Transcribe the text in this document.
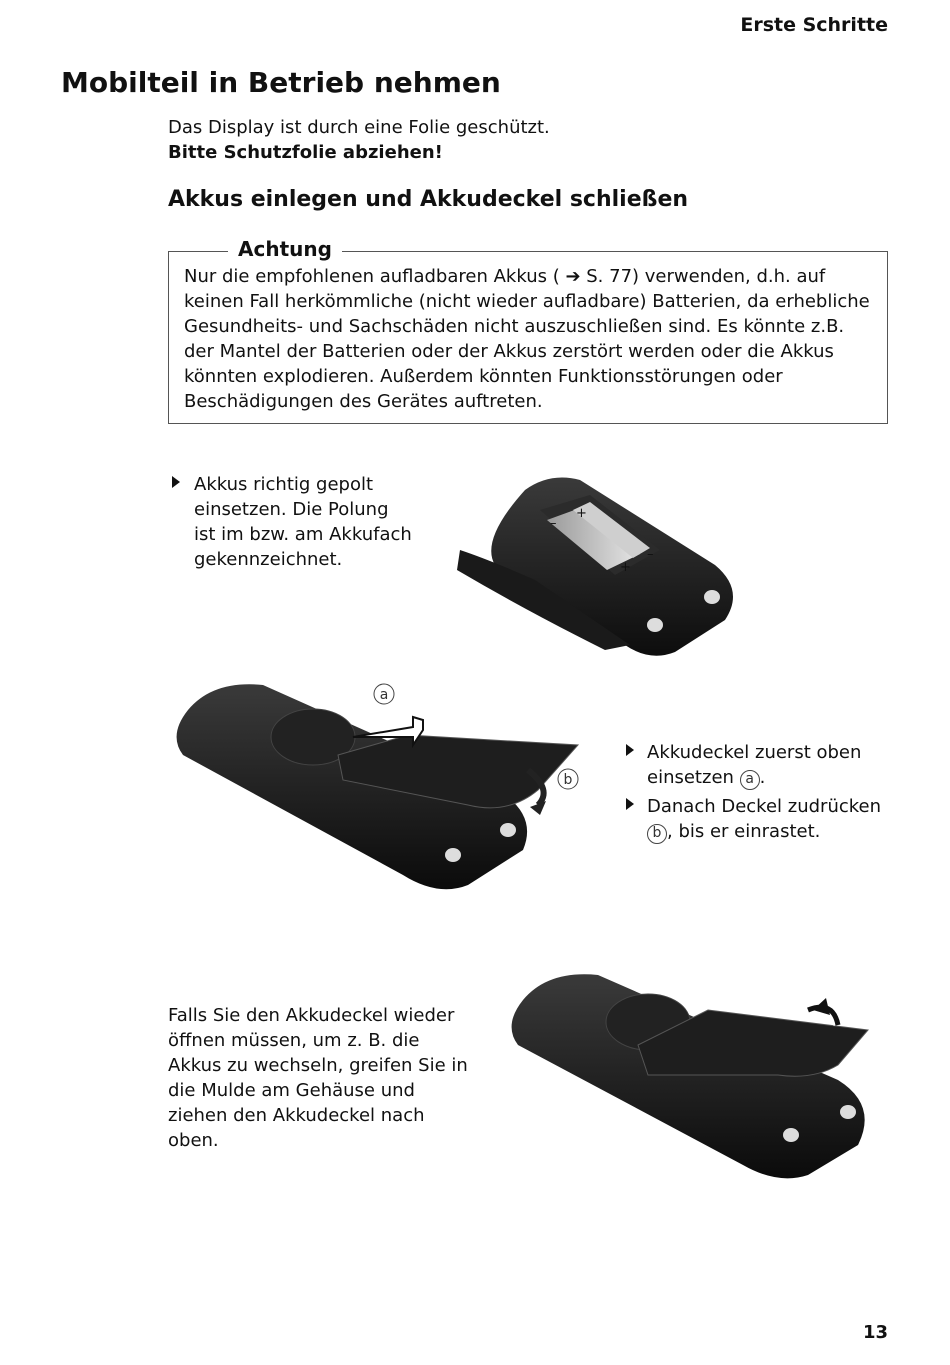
Erste Schritte
Mobilteil in Betrieb nehmen
Das Display ist durch eine Folie geschützt.
Bitte Schutzfolie abziehen!
Akkus einlegen und Akkudeckel schließen
Achtung
Nur die empfohlenen aufladbaren Akkus ( ➔ S. 77) verwenden, d.h. auf keinen Fall herkömmliche (nicht wieder aufladbare) Batterien, da erhebliche Gesundheits- und Sachschäden nicht auszuschließen sind. Es könnte z.B. der Mantel der Batterien oder der Akkus zerstört werden oder die Akkus könnten explodieren. Außerdem könnten Funktionsstörungen oder Beschädigungen des Gerätes auftreten.
Akkus richtig gepolt einsetzen. Die Polung ist im bzw. am Akkufach gekennzeichnet.
–
+
+
–
a
b
Akkudeckel zuerst oben einsetzen a .
Danach Deckel zudrücken b , bis er einrastet.
Falls Sie den Akkudeckel wieder öffnen müssen, um z. B. die Akkus zu wechseln, greifen Sie in die Mulde am Gehäuse und ziehen den Akkudeckel nach oben.
13
